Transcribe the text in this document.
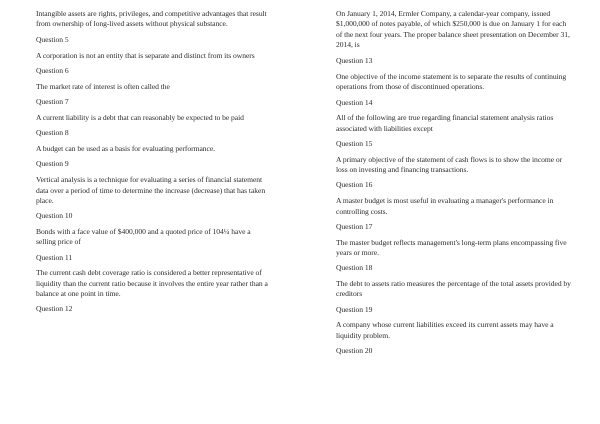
Intangible assets are rights, privileges, and competitive advantages that result from ownership of long-lived assets without physical substance.

Question 5

A corporation is not an entity that is separate and distinct from its owners

Question 6

The market rate of interest is often called the

Question 7

A current liability is a debt that can reasonably be expected to be paid

Question 8

A budget can be used as a basis for evaluating performance.

Question 9

Vertical analysis is a technique for evaluating a series of financial statement data over a period of time to determine the increase (decrease) that has taken place.

Question 10

Bonds with a face value of $400,000 and a quoted price of 104¼ have a selling price of

Question 11

The current cash debt coverage ratio is considered a better representative of liquidity than the current ratio because it involves the entire year rather than a balance at one point in time.

Question 12

On January 1, 2014, Ermler Company, a calendar-year company, issued $1,000,000 of notes payable, of which $250,000 is due on January 1 for each of the next four years. The proper balance sheet presentation on December 31, 2014, is

Question 13

One objective of the income statement is to separate the results of continuing operations from those of discontinued operations.

Question 14

All of the following are true regarding financial statement analysis ratios associated with liabilities except

Question 15

A primary objective of the statement of cash flows is to show the income or loss on investing and financing transactions.

Question 16

A master budget is most useful in evaluating a manager's performance in controlling costs.

Question 17

The master budget reflects management's long-term plans encompassing five years or more.

Question 18

The debt to assets ratio measures the percentage of the total assets provided by creditors

Question 19

A company whose current liabilities exceed its current assets may have a liquidity problem.

Question 20
